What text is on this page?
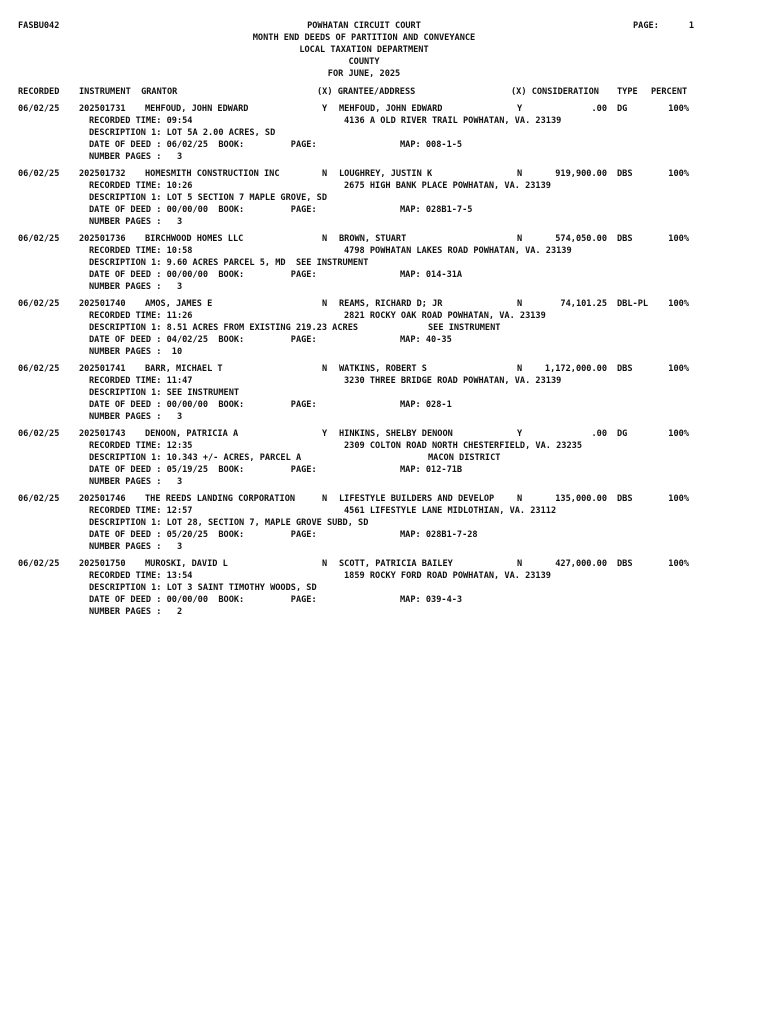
FASBU042	POWHATAN CIRCUIT COURT	PAGE:	1
MONTH END DEEDS OF PARTITION AND CONVEYANCE
LOCAL TAXATION DEPARTMENT
COUNTY
FOR JUNE, 2025
RECORDED INSTRUMENT  GRANTOR	(X) GRANTEE/ADDRESS	(X) CONSIDERATION TYPE PERCENT
06/02/25 202501731 MEHFOUD, JOHN EDWARD	Y MEHFOUD, JOHN EDWARD	Y	.00 DG	100%
RECORDED TIME: 09:54	4136 A OLD RIVER TRAIL POWHATAN, VA. 23139
DESCRIPTION 1: LOT 5A 2.00 ACRES, SD
DATE OF DEED : 06/02/25  BOOK:         PAGE:	MAP: 008-1-5
NUMBER PAGES :   3
06/02/25 202501732 HOMESMITH CONSTRUCTION INC	N LOUGHREY, JUSTIN K	N	919,900.00 DBS	100%
RECORDED TIME: 10:26	2675 HIGH BANK PLACE POWHATAN, VA. 23139
DESCRIPTION 1: LOT 5 SECTION 7 MAPLE GROVE, SD
DATE OF DEED : 00/00/00  BOOK:         PAGE:	MAP: 028B1-7-5
NUMBER PAGES :   3
06/02/25 202501736 BIRCHWOOD HOMES LLC	N BROWN, STUART	N	574,050.00 DBS	100%
RECORDED TIME: 10:58	4798 POWHATAN LAKES ROAD POWHATAN, VA. 23139
DESCRIPTION 1: 9.60 ACRES PARCEL 5, MD  SEE INSTRUMENT
DATE OF DEED : 00/00/00  BOOK:         PAGE:	MAP: 014-31A
NUMBER PAGES :   3
06/02/25 202501740 AMOS, JAMES E	N REAMS, RICHARD D; JR	N	74,101.25 DBL-PL	100%
RECORDED TIME: 11:26	2821 ROCKY OAK ROAD POWHATAN, VA. 23139
DESCRIPTION 1: 8.51 ACRES FROM EXISTING 219.23 ACRES	SEE INSTRUMENT
DATE OF DEED : 04/02/25  BOOK:         PAGE:	MAP: 40-35
NUMBER PAGES :  10
06/02/25 202501741 BARR, MICHAEL T	N WATKINS, ROBERT S	N	1,172,000.00 DBS	100%
RECORDED TIME: 11:47	3230 THREE BRIDGE ROAD POWHATAN, VA. 23139
DESCRIPTION 1: SEE INSTRUMENT
DATE OF DEED : 00/00/00  BOOK:         PAGE:	MAP: 028-1
NUMBER PAGES :   3
06/02/25 202501743 DENOON, PATRICIA A	Y HINKINS, SHELBY DENOON	Y	.00 DG	100%
RECORDED TIME: 12:35	2309 COLTON ROAD NORTH CHESTERFIELD, VA. 23235
DESCRIPTION 1: 10.343 +/- ACRES, PARCEL A	MACON DISTRICT
DATE OF DEED : 05/19/25  BOOK:         PAGE:	MAP: 012-71B
NUMBER PAGES :   3
06/02/25 202501746 THE REEDS LANDING CORPORATION	N LIFESTYLE BUILDERS AND DEVELOP	N	135,000.00 DBS	100%
RECORDED TIME: 12:57	4561 LIFESTYLE LANE MIDLOTHIAN, VA. 23112
DESCRIPTION 1: LOT 28, SECTION 7, MAPLE GROVE SUBD, SD
DATE OF DEED : 05/20/25  BOOK:         PAGE:	MAP: 028B1-7-28
NUMBER PAGES :   3
06/02/25 202501750 MUROSKI, DAVID L	N SCOTT, PATRICIA BAILEY	N	427,000.00 DBS	100%
RECORDED TIME: 13:54	1859 ROCKY FORD ROAD POWHATAN, VA. 23139
DESCRIPTION 1: LOT 3 SAINT TIMOTHY WOODS, SD
DATE OF DEED : 00/00/00  BOOK:         PAGE:	MAP: 039-4-3
NUMBER PAGES :   2
